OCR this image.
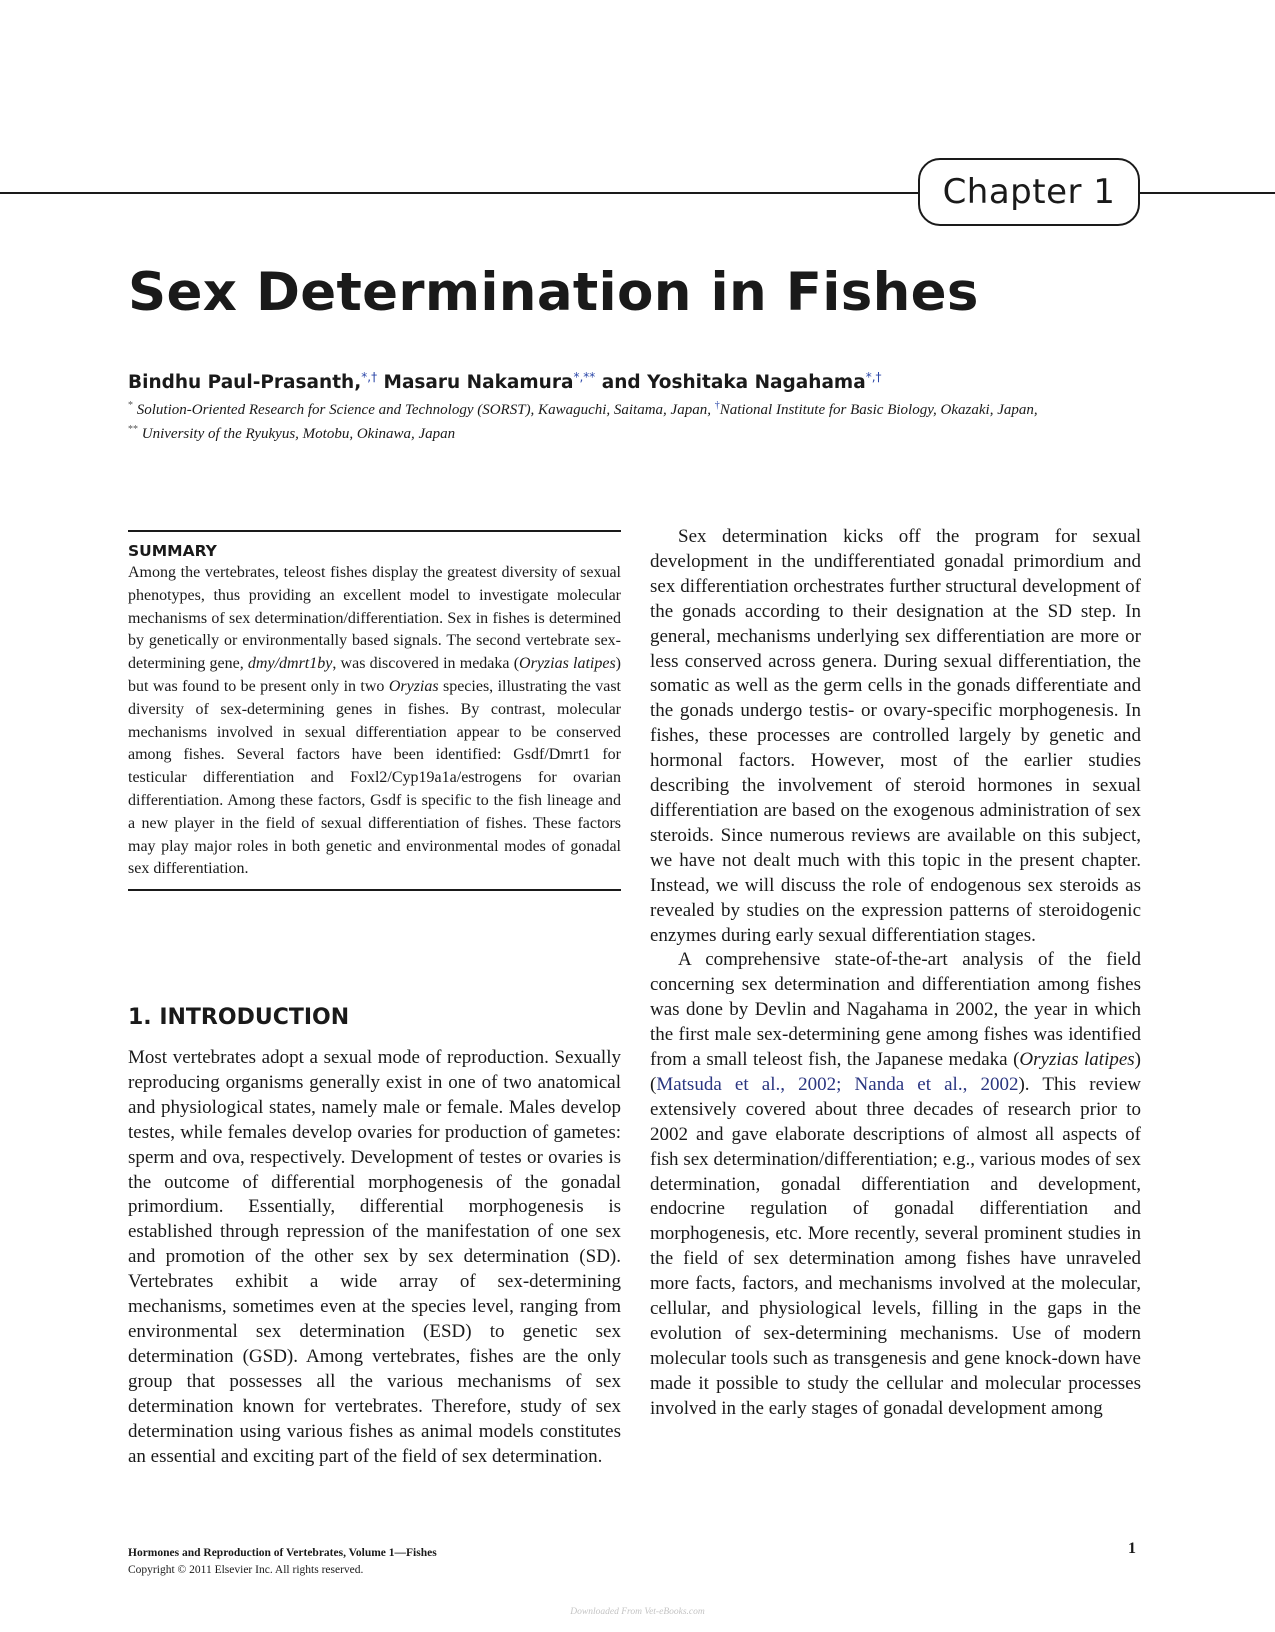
Chapter 1
Sex Determination in Fishes
Bindhu Paul-Prasanth,*,† Masaru Nakamura*,** and Yoshitaka Nagahama*,†
* Solution-Oriented Research for Science and Technology (SORST), Kawaguchi, Saitama, Japan, †National Institute for Basic Biology, Okazaki, Japan,
** University of the Ryukyus, Motobu, Okinawa, Japan
SUMMARY

Among the vertebrates, teleost fishes display the greatest diversity of sexual phenotypes, thus providing an excellent model to investigate molecular mechanisms of sex determination/differentiation. Sex in fishes is determined by genetically or environmentally based signals. The second vertebrate sex-determining gene, dmy/dmrt1by, was discovered in medaka (Oryzias latipes) but was found to be present only in two Oryzias species, illustrating the vast diversity of sex-determining genes in fishes. By contrast, molecular mechanisms involved in sexual differentiation appear to be conserved among fishes. Several factors have been identified: Gsdf/Dmrt1 for testicular differentiation and Foxl2/Cyp19a1a/estrogens for ovarian differentiation. Among these factors, Gsdf is specific to the fish lineage and a new player in the field of sexual differentiation of fishes. These factors may play major roles in both genetic and environmental modes of gonadal sex differentiation.

1. INTRODUCTION

Most vertebrates adopt a sexual mode of reproduction. Sexually reproducing organisms generally exist in one of two anatomical and physiological states, namely male or female. Males develop testes, while females develop ovaries for production of gametes: sperm and ova, respectively. Development of testes or ovaries is the outcome of differential morphogenesis of the gonadal primordium. Essentially, differential morphogenesis is established through repression of the manifestation of one sex and promotion of the other sex by sex determination (SD). Vertebrates exhibit a wide array of sex-determining mechanisms, sometimes even at the species level, ranging from environmental sex determination (ESD) to genetic sex determination (GSD). Among vertebrates, fishes are the only group that possesses all the various mechanisms of sex determination known for vertebrates. Therefore, study of sex determination using various fishes as animal models constitutes an essential and exciting part of the field of sex determination.

Sex determination kicks off the program for sexual development in the undifferentiated gonadal primordium and sex differentiation orchestrates further structural development of the gonads according to their designation at the SD step. In general, mechanisms underlying sex differentiation are more or less conserved across genera. During sexual differentiation, the somatic as well as the germ cells in the gonads differentiate and the gonads undergo testis- or ovary-specific morphogenesis. In fishes, these processes are controlled largely by genetic and hormonal factors. However, most of the earlier studies describing the involvement of steroid hormones in sexual differentiation are based on the exogenous administration of sex steroids. Since numerous reviews are available on this subject, we have not dealt much with this topic in the present chapter. Instead, we will discuss the role of endogenous sex steroids as revealed by studies on the expression patterns of steroidogenic enzymes during early sexual differentiation stages.

A comprehensive state-of-the-art analysis of the field concerning sex determination and differentiation among fishes was done by Devlin and Nagahama in 2002, the year in which the first male sex-determining gene among fishes was identified from a small teleost fish, the Japanese medaka (Oryzias latipes) (Matsuda et al., 2002; Nanda et al., 2002). This review extensively covered about three decades of research prior to 2002 and gave elaborate descriptions of almost all aspects of fish sex determination/differentiation; e.g., various modes of sex determination, gonadal differentiation and development, endocrine regulation of gonadal differentiation and morphogenesis, etc. More recently, several prominent studies in the field of sex determination among fishes have unraveled more facts, factors, and mechanisms involved at the molecular, cellular, and physiological levels, filling in the gaps in the evolution of sex-determining mechanisms. Use of modern molecular tools such as transgenesis and gene knock-down have made it possible to study the cellular and molecular processes involved in the early stages of gonadal development among

Hormones and Reproduction of Vertebrates, Volume 1—Fishes
Copyright © 2011 Elsevier Inc. All rights reserved.
1
Downloaded From Vet-eBooks.com
